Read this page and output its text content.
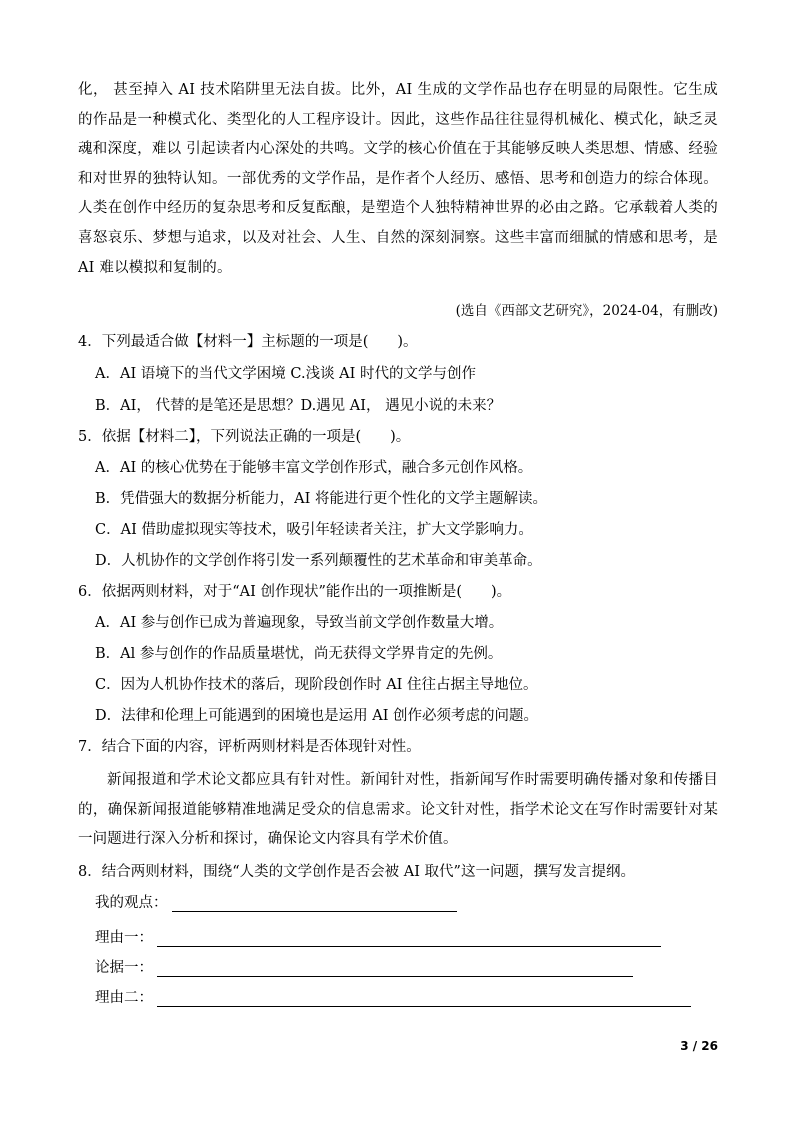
化， 甚至掉入 AI 技术陷阱里无法自拔。比外，AI 生成的文学作品也存在明显的局限性。它生成的作品是一种模式化、类型化的人工程序设计。因此，这些作品往往显得机械化、模式化，缺乏灵魂和深度，难以 引起读者内心深处的共鸣。文学的核心价值在于其能够反映人类思想、情感、经验和对世界的独特认知。一部优秀的文学作品，是作者个人经历、感悟、思考和创造力的综合体现。人类在创作中经历的复杂思考和反复酝酿，是塑造个人独特精神世界的必由之路。它承载着人类的喜怒哀乐、梦想与追求，以及对社会、人生、自然的深刻洞察。这些丰富而细腻的情感和思考，是 AI 难以模拟和复制的。

(选自《西部文艺研究》，2024-04，有删改)

4．下列最适合做【材料一】主标题的一项是(　　)。

A．AI 语境下的当代文学困境 C.浅谈 AI 时代的文学与创作

B．AI， 代替的是笔还是思想？D.遇见 AI， 遇见小说的未来？

5．依据【材料二】，下列说法正确的一项是(　　)。

A．AI 的核心优势在于能够丰富文学创作形式，融合多元创作风格。

B．凭借强大的数据分析能力，AI 将能进行更个性化的文学主题解读。

C．AI 借助虚拟现实等技术，吸引年轻读者关注，扩大文学影响力。

D．人机协作的文学创作将引发一系列颠覆性的艺术革命和审美革命。

6．依据两则材料，对于“AI 创作现状”能作出的一项推断是(　　)。

A．AI 参与创作已成为普遍现象，导致当前文学创作数量大增。

B．Al 参与创作的作品质量堪忧，尚无获得文学界肯定的先例。

C．因为人机协作技术的落后，现阶段创作时 AI 住往占据主导地位。

D．法律和伦理上可能遇到的困境也是运用 AI 创作必须考虑的问题。

7．结合下面的内容，评析两则材料是否体现针对性。

新闻报道和学术论文都应具有针对性。新闻针对性，指新闻写作时需要明确传播对象和传播目的，确保新闻报道能够精准地满足受众的信息需求。论文针对性，指学术论文在写作时需要针对某一问题进行深入分析和探讨，确保论文内容具有学术价值。

8．结合两则材料，围绕“人类的文学创作是否会被 AI 取代”这一问题，撰写发言提纲。

我的观点：
理由一：
论据一：
理由二：

3 / 26
